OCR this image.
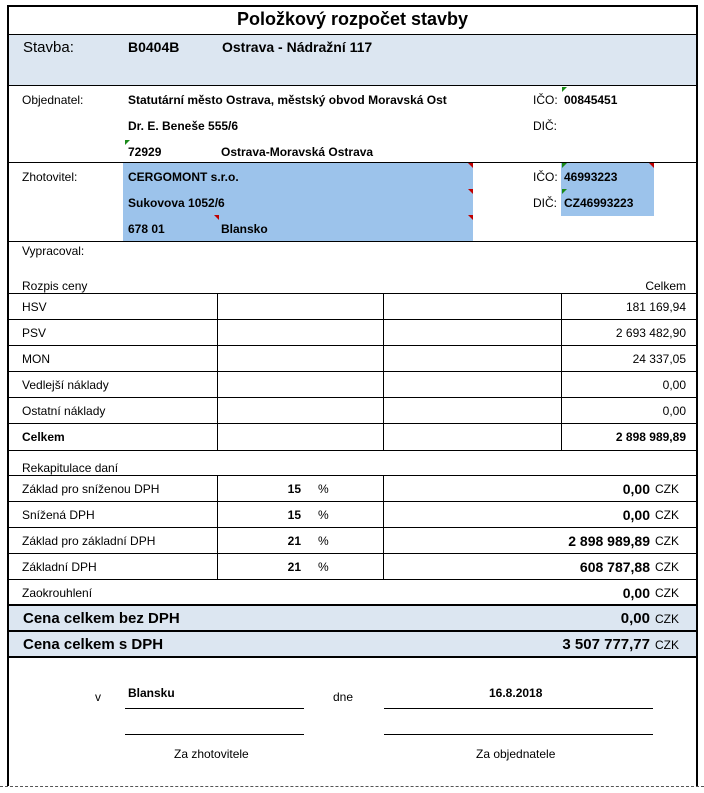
Položkový rozpočet stavby
Stavba:	B0404B	Ostrava - Nádražní 117
Objednatel:	Statutární město Ostrava, městský obvod Moravská Ost
Dr. E. Beneše 555/6
72929	Ostrava-Moravská Ostrava
IČO: 00845451
DIČ:
Zhotovitel:	CERGOMONT s.r.o.
Sukovova 1052/6
678 01	Blansko
IČO: 46993223
DIČ: CZ46993223
Vypracoval:
Rozpis ceny	Celkem
HSV	181 169,94
PSV	2 693 482,90
MON	24 337,05
Vedlejší náklady	0,00
Ostatní náklady	0,00
Celkem	2 898 989,89
Rekapitulace daní
Základ pro sníženou DPH	15 %	0,00 CZK
Snížená DPH	15 %	0,00 CZK
Základ pro základní DPH	21 %	2 898 989,89 CZK
Základní DPH	21 %	608 787,88 CZK
Zaokrouhlení	0,00 CZK
Cena celkem bez DPH	0,00 CZK
Cena celkem s DPH	3 507 777,77 CZK
v Blansku	dne	16.8.2018
Za zhotovitele	Za objednatele
